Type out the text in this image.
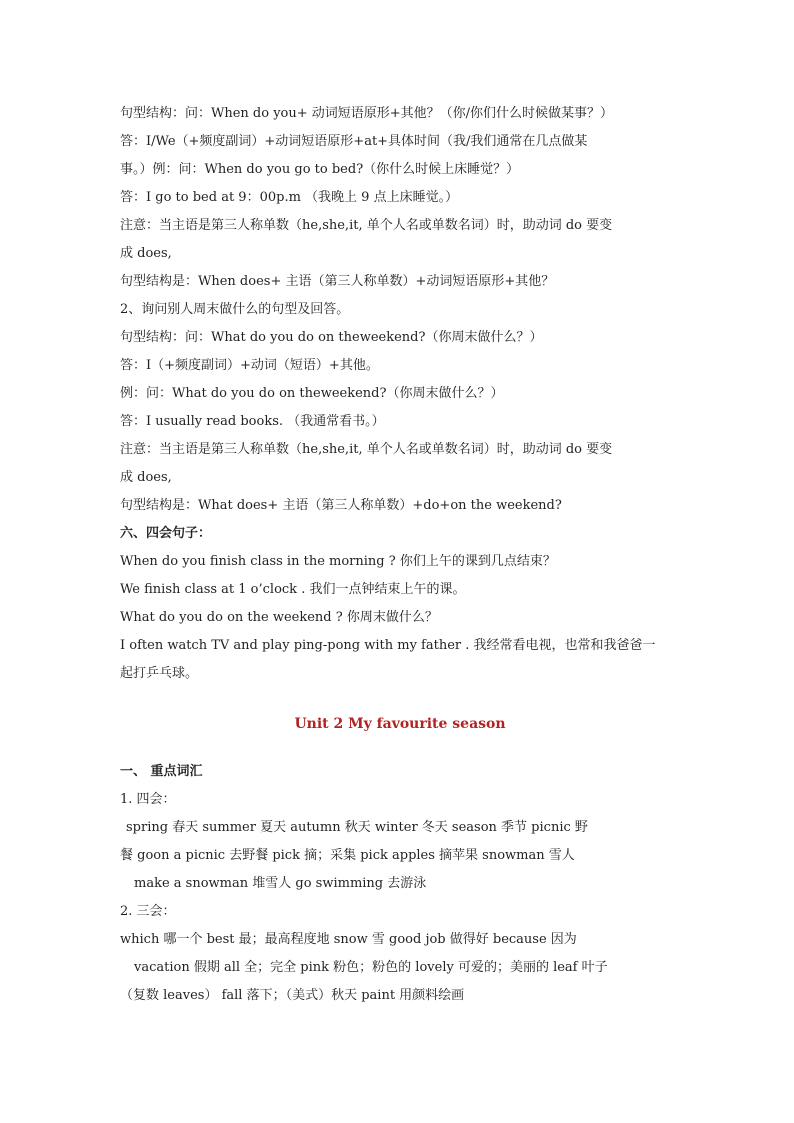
句型结构：问：When do you+ 动词短语原形+其他？（你/你们什么时候做某事？）
答：I/We（+频度副词）+动词短语原形+at+具体时间（我/我们通常在几点做某
事。）例：问：When do you go to bed?（你什么时候上床睡觉？）
答：I go to bed at 9：00p.m （我晚上 9 点上床睡觉。）
注意：当主语是第三人称单数（he,she,it, 单个人名或单数名词）时，助动词 do 要变
成 does,
句型结构是：When does+ 主语（第三人称单数）+动词短语原形+其他？
2、询问别人周末做什么的句型及回答。
句型结构：问：What do you do on theweekend?（你周末做什么？）
答：I（+频度副词）+动词（短语）+其他。
例：问：What do you do on theweekend?（你周末做什么？）
答：I usually read books. （我通常看书。）
注意：当主语是第三人称单数（he,she,it, 单个人名或单数名词）时，助动词 do 要变
成 does,
句型结构是：What does+ 主语（第三人称单数）+do+on the weekend?
六、四会句子：
When do you finish class in the morning ? 你们上午的课到几点结束？
We finish class at 1 o’clock . 我们一点钟结束上午的课。
What do you do on the weekend ? 你周末做什么？
I often watch TV and play ping-pong with my father . 我经常看电视，也常和我爸爸一
起打乒乓球。
Unit 2 My favourite season
一、 重点词汇
1. 四会：
spring 春天 summer 夏天 autumn 秋天 winter 冬天 season 季节 picnic 野
餐 goon a picnic 去野餐 pick 摘；采集 pick apples 摘苹果 snowman 雪人
make a snowman 堆雪人 go swimming 去游泳
2. 三会：
which 哪一个 best 最；最高程度地 snow 雪 good job 做得好 because 因为
vacation 假期 all 全；完全 pink 粉色；粉色的 lovely 可爱的；美丽的 leaf 叶子
（复数 leaves） fall 落下；（美式）秋天 paint 用颜料绘画
